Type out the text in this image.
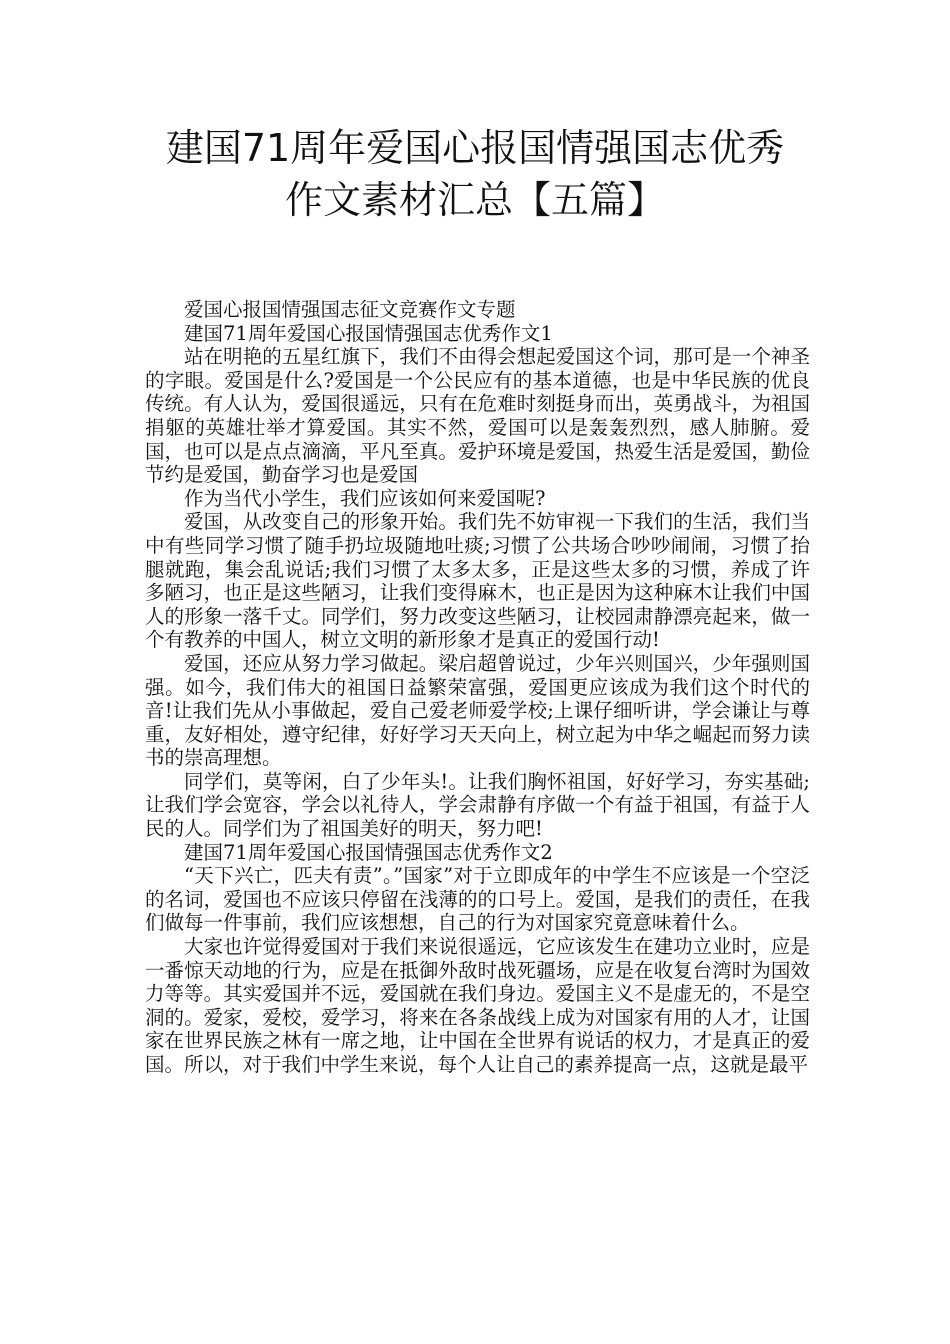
建国71周年爱国心报国情强国志优秀
作文素材汇总【五篇】

爱国心报国情强国志征文竞赛作文专题

建国71周年爱国心报国情强国志优秀作文1

站在明艳的五星红旗下，我们不由得会想起爱国这个词，那可是一个神圣的字眼。爱国是什么?爱国是一个公民应有的基本道德，也是中华民族的优良传统。有人认为，爱国很遥远，只有在危难时刻挺身而出，英勇战斗，为祖国捐躯的英雄壮举才算爱国。其实不然，爱国可以是轰轰烈烈，感人肺腑。爱国，也可以是点点滴滴，平凡至真。爱护环境是爱国，热爱生活是爱国，勤俭节约是爱国，勤奋学习也是爱国

作为当代小学生，我们应该如何来爱国呢?

爱国，从改变自己的形象开始。我们先不妨审视一下我们的生活，我们当中有些同学习惯了随手扔垃圾随地吐痰;习惯了公共场合吵吵闹闹，习惯了抬腿就跑，集会乱说话;我们习惯了太多太多，正是这些太多的习惯，养成了许多陋习，也正是这些陋习，让我们变得麻木，也正是因为这种麻木让我们中国人的形象一落千丈。同学们，努力改变这些陋习，让校园肃静漂亮起来，做一个有教养的中国人，树立文明的新形象才是真正的爱国行动!

爱国，还应从努力学习做起。梁启超曾说过，少年兴则国兴，少年强则国强。如今，我们伟大的祖国日益繁荣富强，爱国更应该成为我们这个时代的音!让我们先从小事做起，爱自己爱老师爱学校;上课仔细听讲，学会谦让与尊重，友好相处，遵守纪律，好好学习天天向上，树立起为中华之崛起而努力读书的崇高理想。

同学们，莫等闲，白了少年头!。让我们胸怀祖国，好好学习，夯实基础;让我们学会宽容，学会以礼待人，学会肃静有序做一个有益于祖国，有益于人民的人。同学们为了祖国美好的明天，努力吧!

建国71周年爱国心报国情强国志优秀作文2

“天下兴亡，匹夫有责”。”国家”对于立即成年的中学生不应该是一个空泛的名词，爱国也不应该只停留在浅薄的的口号上。爱国，是我们的责任，在我们做每一件事前，我们应该想想，自己的行为对国家究竟意味着什么。

大家也许觉得爱国对于我们来说很遥远，它应该发生在建功立业时，应是一番惊天动地的行为，应是在抵御外敌时战死疆场，应是在收复台湾时为国效力等等。其实爱国并不远，爱国就在我们身边。爱国主义不是虚无的，不是空洞的。爱家，爱校，爱学习，将来在各条战线上成为对国家有用的人才，让国家在世界民族之林有一席之地，让中国在全世界有说话的权力，才是真正的爱国。所以，对于我们中学生来说，每个人让自己的素养提高一点，这就是最平
